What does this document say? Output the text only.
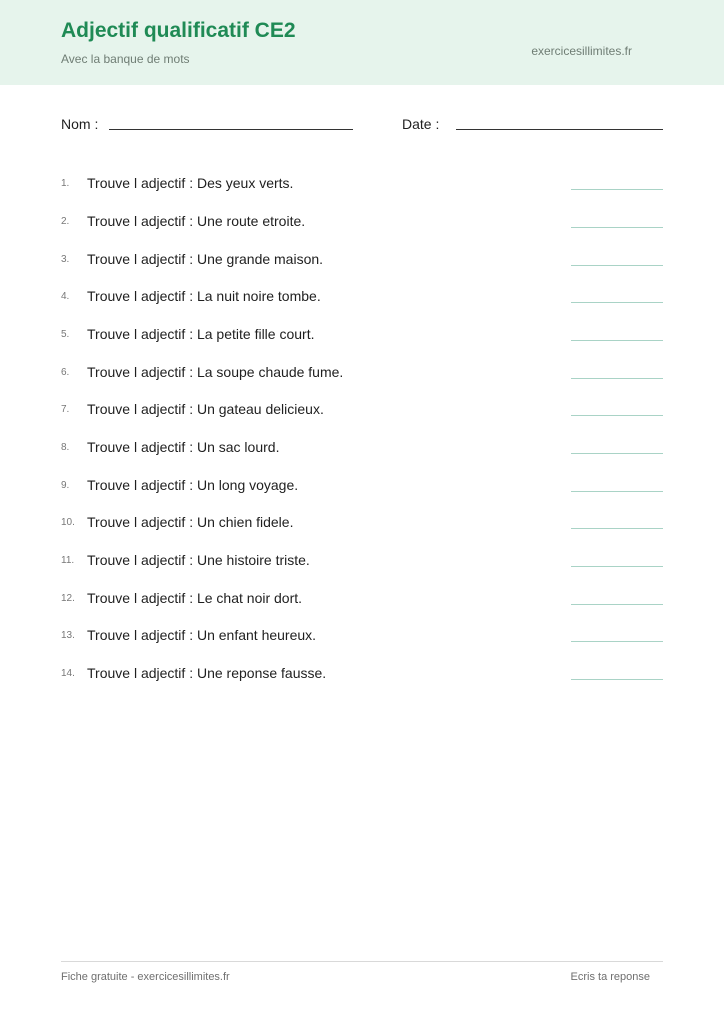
Adjectif qualificatif CE2
Avec la banque de mots
exercicesillimites.fr
Nom :	Date :
1.	Trouve l adjectif : Des yeux verts.
2.	Trouve l adjectif : Une route etroite.
3.	Trouve l adjectif : Une grande maison.
4.	Trouve l adjectif : La nuit noire tombe.
5.	Trouve l adjectif : La petite fille court.
6.	Trouve l adjectif : La soupe chaude fume.
7.	Trouve l adjectif : Un gateau delicieux.
8.	Trouve l adjectif : Un sac lourd.
9.	Trouve l adjectif : Un long voyage.
10. Trouve l adjectif : Un chien fidele.
11. Trouve l adjectif : Une histoire triste.
12. Trouve l adjectif : Le chat noir dort.
13. Trouve l adjectif : Un enfant heureux.
14. Trouve l adjectif : Une reponse fausse.
Fiche gratuite - exercicesillimites.fr	Ecris ta reponse
